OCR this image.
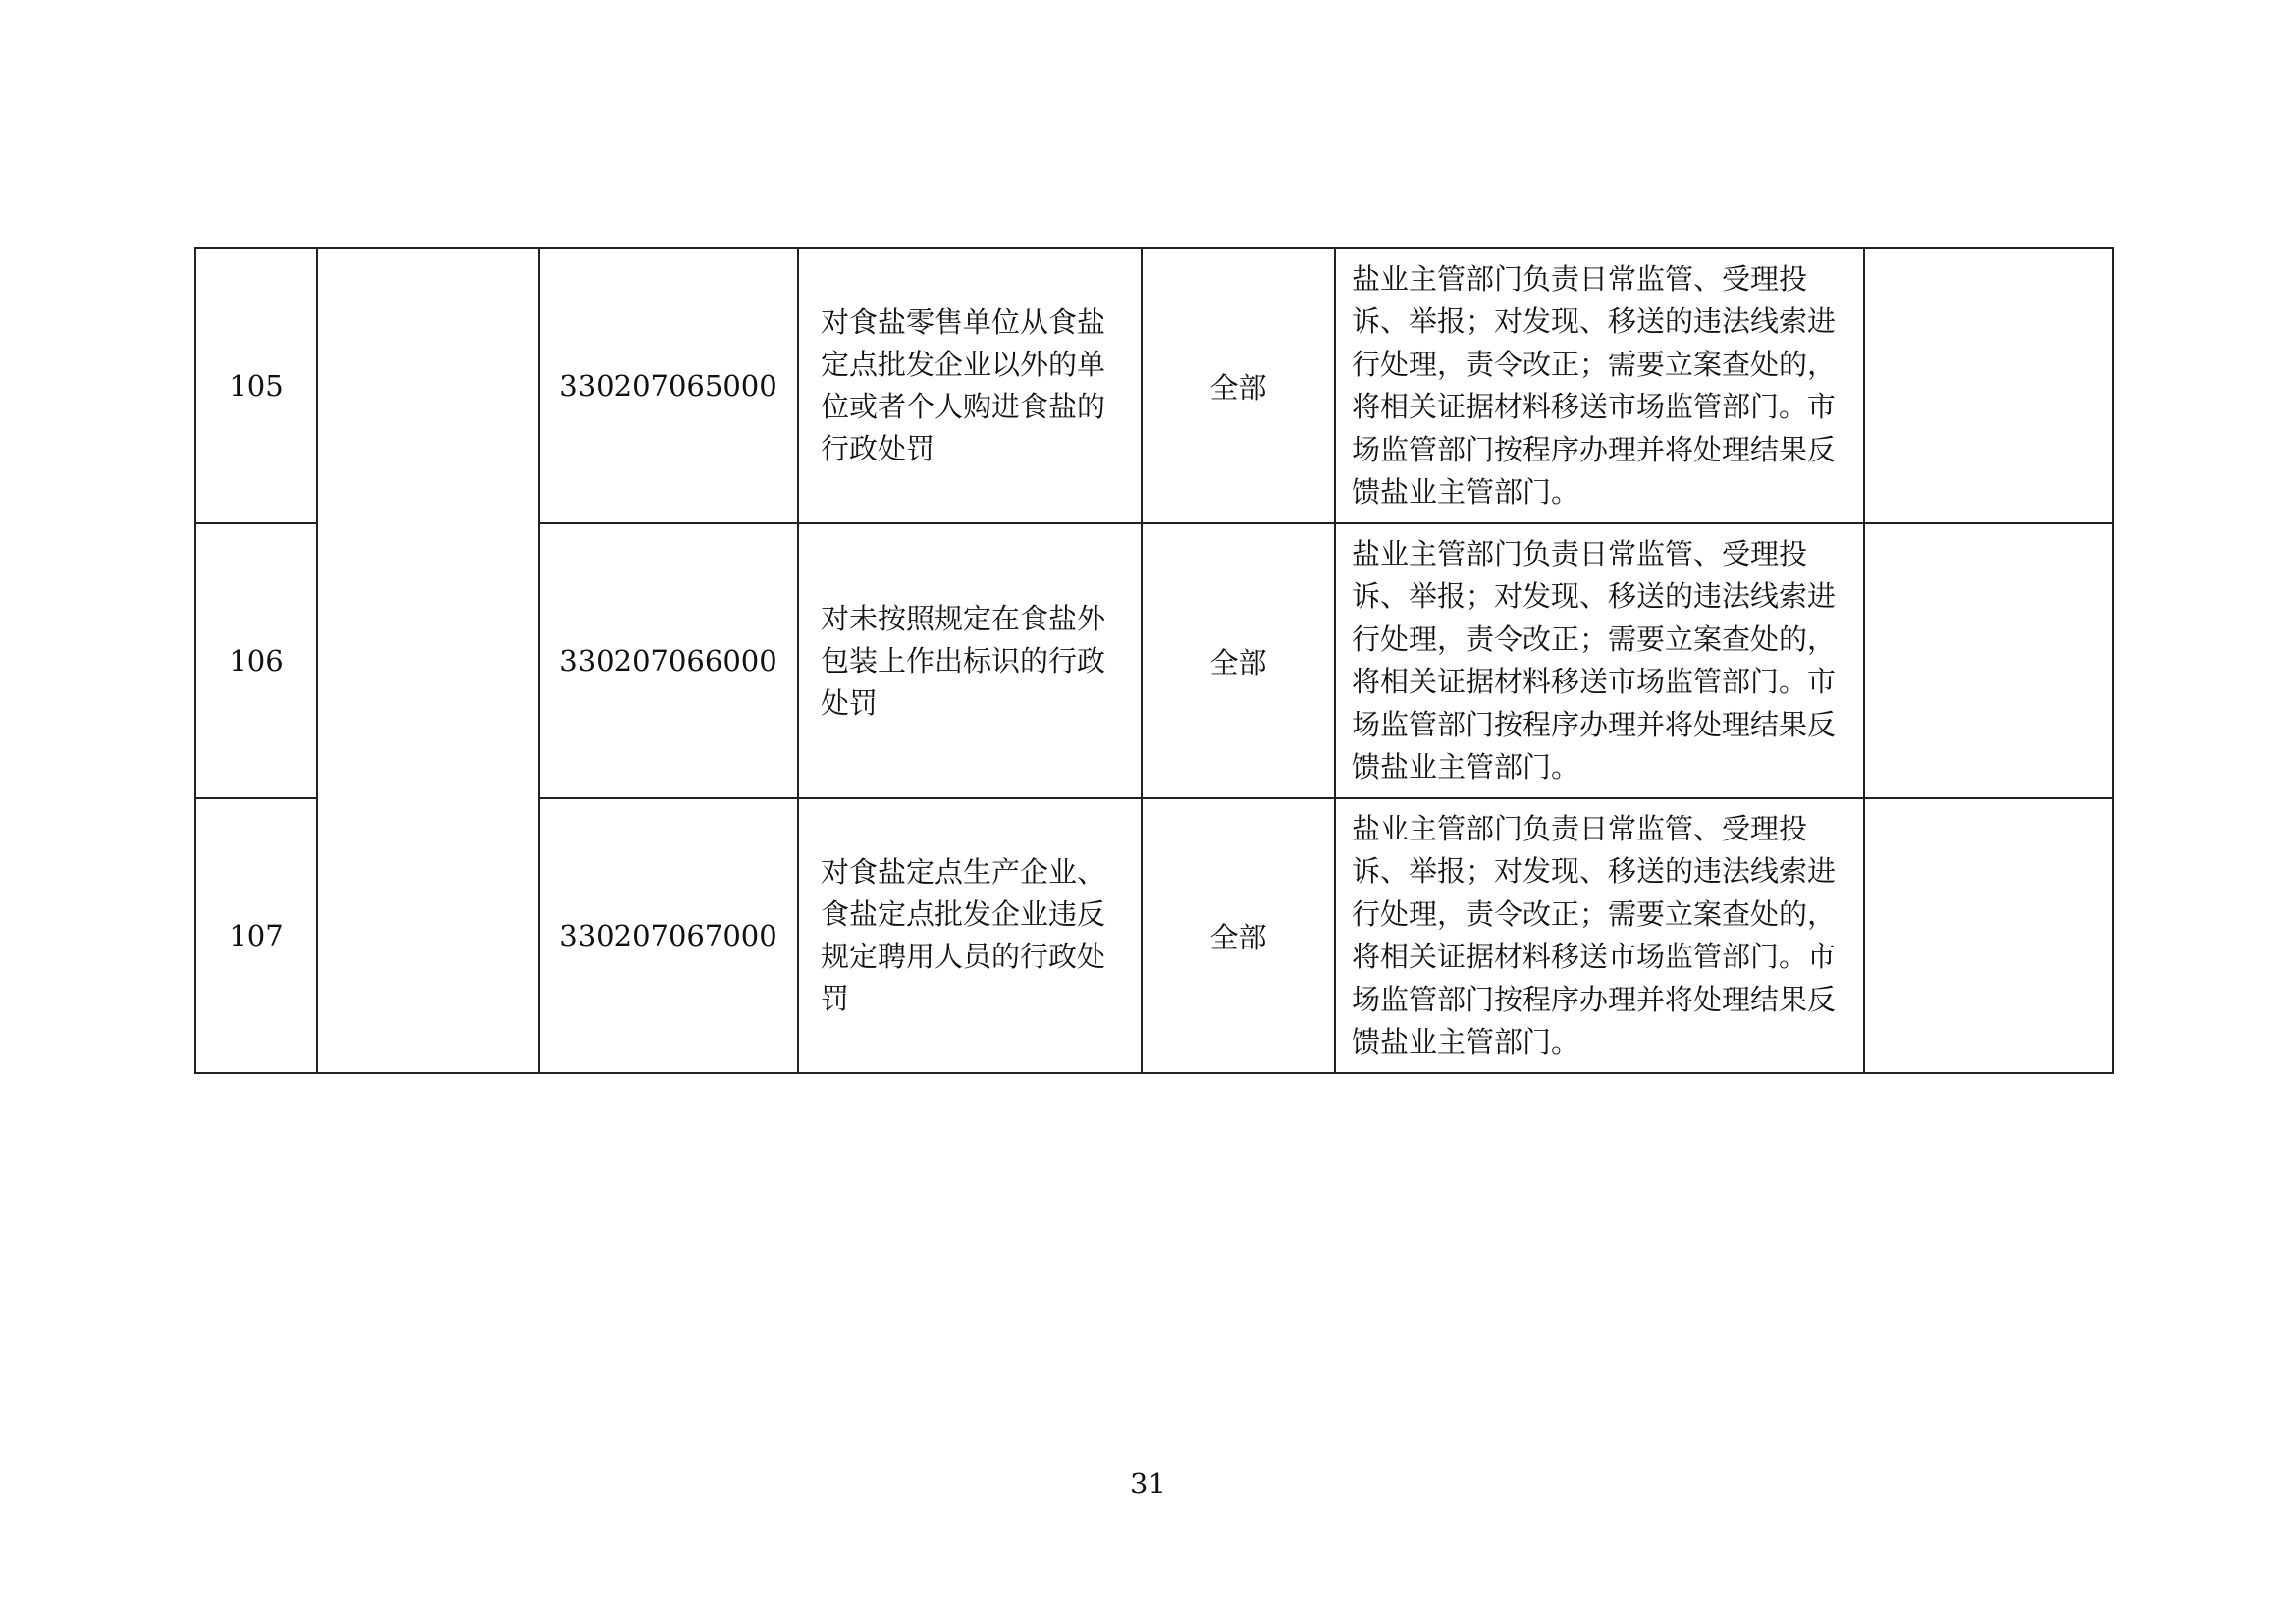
105		330207065000	对食盐零售单位从食盐定点批发企业以外的单位或者个人购进食盐的行政处罚	全部	盐业主管部门负责日常监管、受理投诉、举报；对发现、移送的违法线索进行处理，责令改正；需要立案查处的，将相关证据材料移送市场监管部门。市场监管部门按程序办理并将处理结果反馈盐业主管部门。	

106		330207066000	对未按照规定在食盐外包装上作出标识的行政处罚	全部	盐业主管部门负责日常监管、受理投诉、举报；对发现、移送的违法线索进行处理，责令改正；需要立案查处的，将相关证据材料移送市场监管部门。市场监管部门按程序办理并将处理结果反馈盐业主管部门。	

107		330207067000	对食盐定点生产企业、食盐定点批发企业违反规定聘用人员的行政处罚	全部	盐业主管部门负责日常监管、受理投诉、举报；对发现、移送的违法线索进行处理，责令改正；需要立案查处的，将相关证据材料移送市场监管部门。市场监管部门按程序办理并将处理结果反馈盐业主管部门。	

31
